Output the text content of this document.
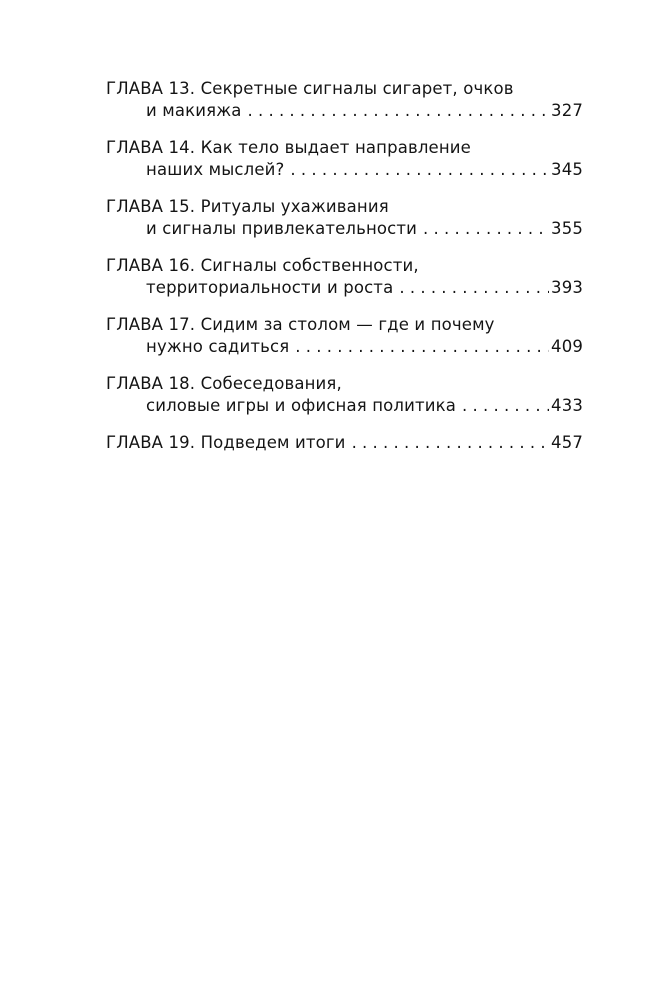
ГЛАВА 13. Секретные сигналы сигарет, очков
и макияжа . . .	327
ГЛАВА 14. Как тело выдает направление
наших мыслей? . . .	345
ГЛАВА 15. Ритуалы ухаживания
и сигналы привлекательности . . .	355
ГЛАВА 16. Сигналы собственности,
территориальности и роста . . .	393
ГЛАВА 17. Сидим за столом — где и почему
нужно садиться . . .	409
ГЛАВА 18. Собеседования,
силовые игры и офисная политика . . .	433
ГЛАВА 19. Подведем итоги . . .	457
